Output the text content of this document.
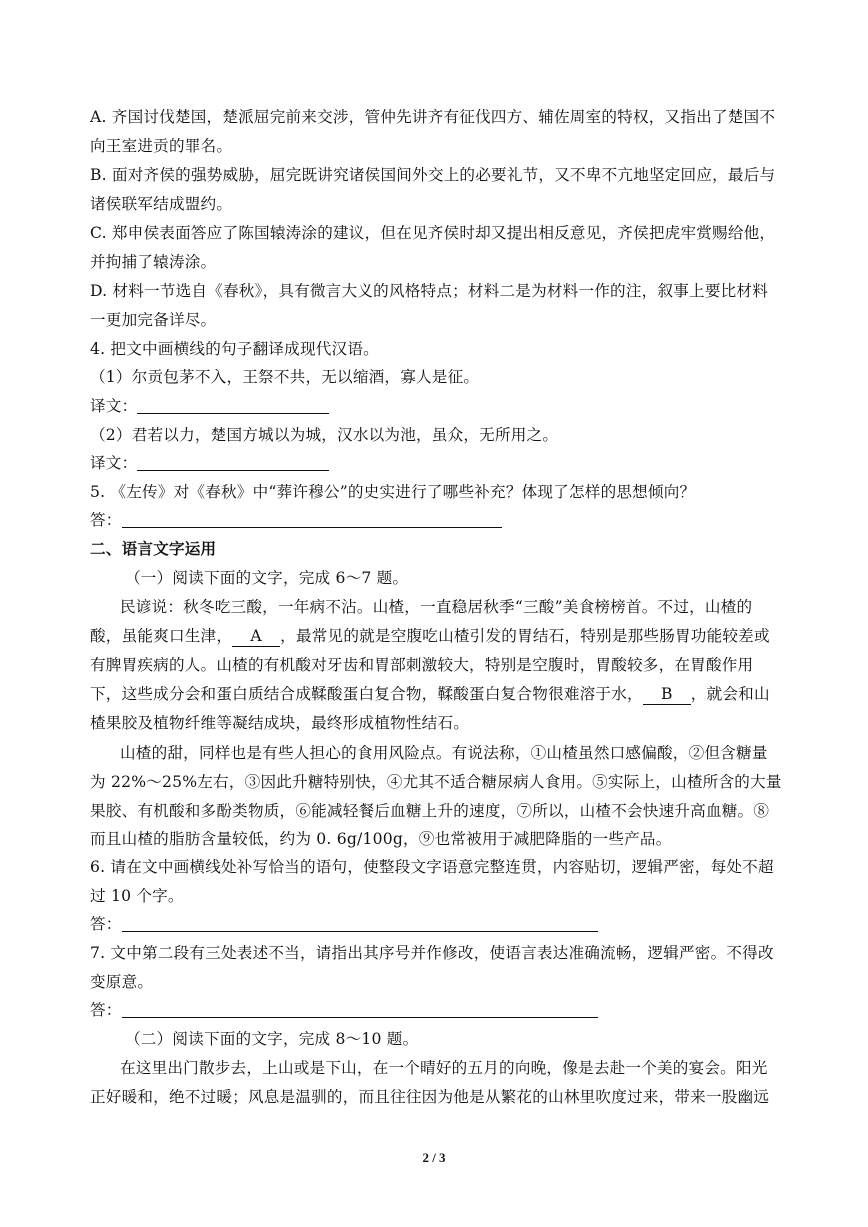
A. 齐国讨伐楚国，楚派屈完前来交涉，管仲先讲齐有征伐四方、辅佐周室的特权，又指出了楚国不
向王室进贡的罪名。
B. 面对齐侯的强势威胁，屈完既讲究诸侯国间外交上的必要礼节，又不卑不亢地坚定回应，最后与
诸侯联军结成盟约。
C. 郑申侯表面答应了陈国辕涛涂的建议，但在见齐侯时却又提出相反意见，齐侯把虎牢赏赐给他，
并拘捕了辕涛涂。
D. 材料一节选自《春秋》，具有微言大义的风格特点；材料二是为材料一作的注，叙事上要比材料
一更加完备详尽。
4. 把文中画横线的句子翻译成现代汉语。
（1）尔贡包茅不入，王祭不共，无以缩酒，寡人是征。
译文：
（2）君若以力，楚国方城以为城，汉水以为池，虽众，无所用之。
译文：
5. 《左传》对《春秋》中“葬许穆公”的史实进行了哪些补充？体现了怎样的思想倾向？
答：
二、语言文字运用
（一）阅读下面的文字，完成 6～7 题。
民谚说：秋冬吃三酸，一年病不沾。山楂，一直稳居秋季“三酸”美食榜榜首。不过，山楂的
酸，虽能爽口生津， A ，最常见的就是空腹吃山楂引发的胃结石，特别是那些肠胃功能较差或
有脾胃疾病的人。山楂的有机酸对牙齿和胃部刺激较大，特别是空腹时，胃酸较多，在胃酸作用
下，这些成分会和蛋白质结合成鞣酸蛋白复合物，鞣酸蛋白复合物很难溶于水， B ，就会和山
楂果胶及植物纤维等凝结成块，最终形成植物性结石。
山楂的甜，同样也是有些人担心的食用风险点。有说法称，①山楂虽然口感偏酸，②但含糖量
为 22%～25%左右，③因此升糖特别快，④尤其不适合糖尿病人食用。⑤实际上，山楂所含的大量
果胶、有机酸和多酚类物质，⑥能减轻餐后血糖上升的速度，⑦所以，山楂不会快速升高血糖。⑧
而且山楂的脂肪含量较低，约为 0. 6g/100g，⑨也常被用于减肥降脂的一些产品。
6. 请在文中画横线处补写恰当的语句，使整段文字语意完整连贯，内容贴切，逻辑严密，每处不超
过 10 个字。
答：
7. 文中第二段有三处表述不当，请指出其序号并作修改，使语言表达准确流畅，逻辑严密。不得改
变原意。
答：
（二）阅读下面的文字，完成 8～10 题。
在这里出门散步去，上山或是下山，在一个晴好的五月的向晚，像是去赴一个美的宴会。阳光
正好暖和，绝不过暖；风息是温驯的，而且往往因为他是从繁花的山林里吹度过来，带来一股幽远
2 / 3
